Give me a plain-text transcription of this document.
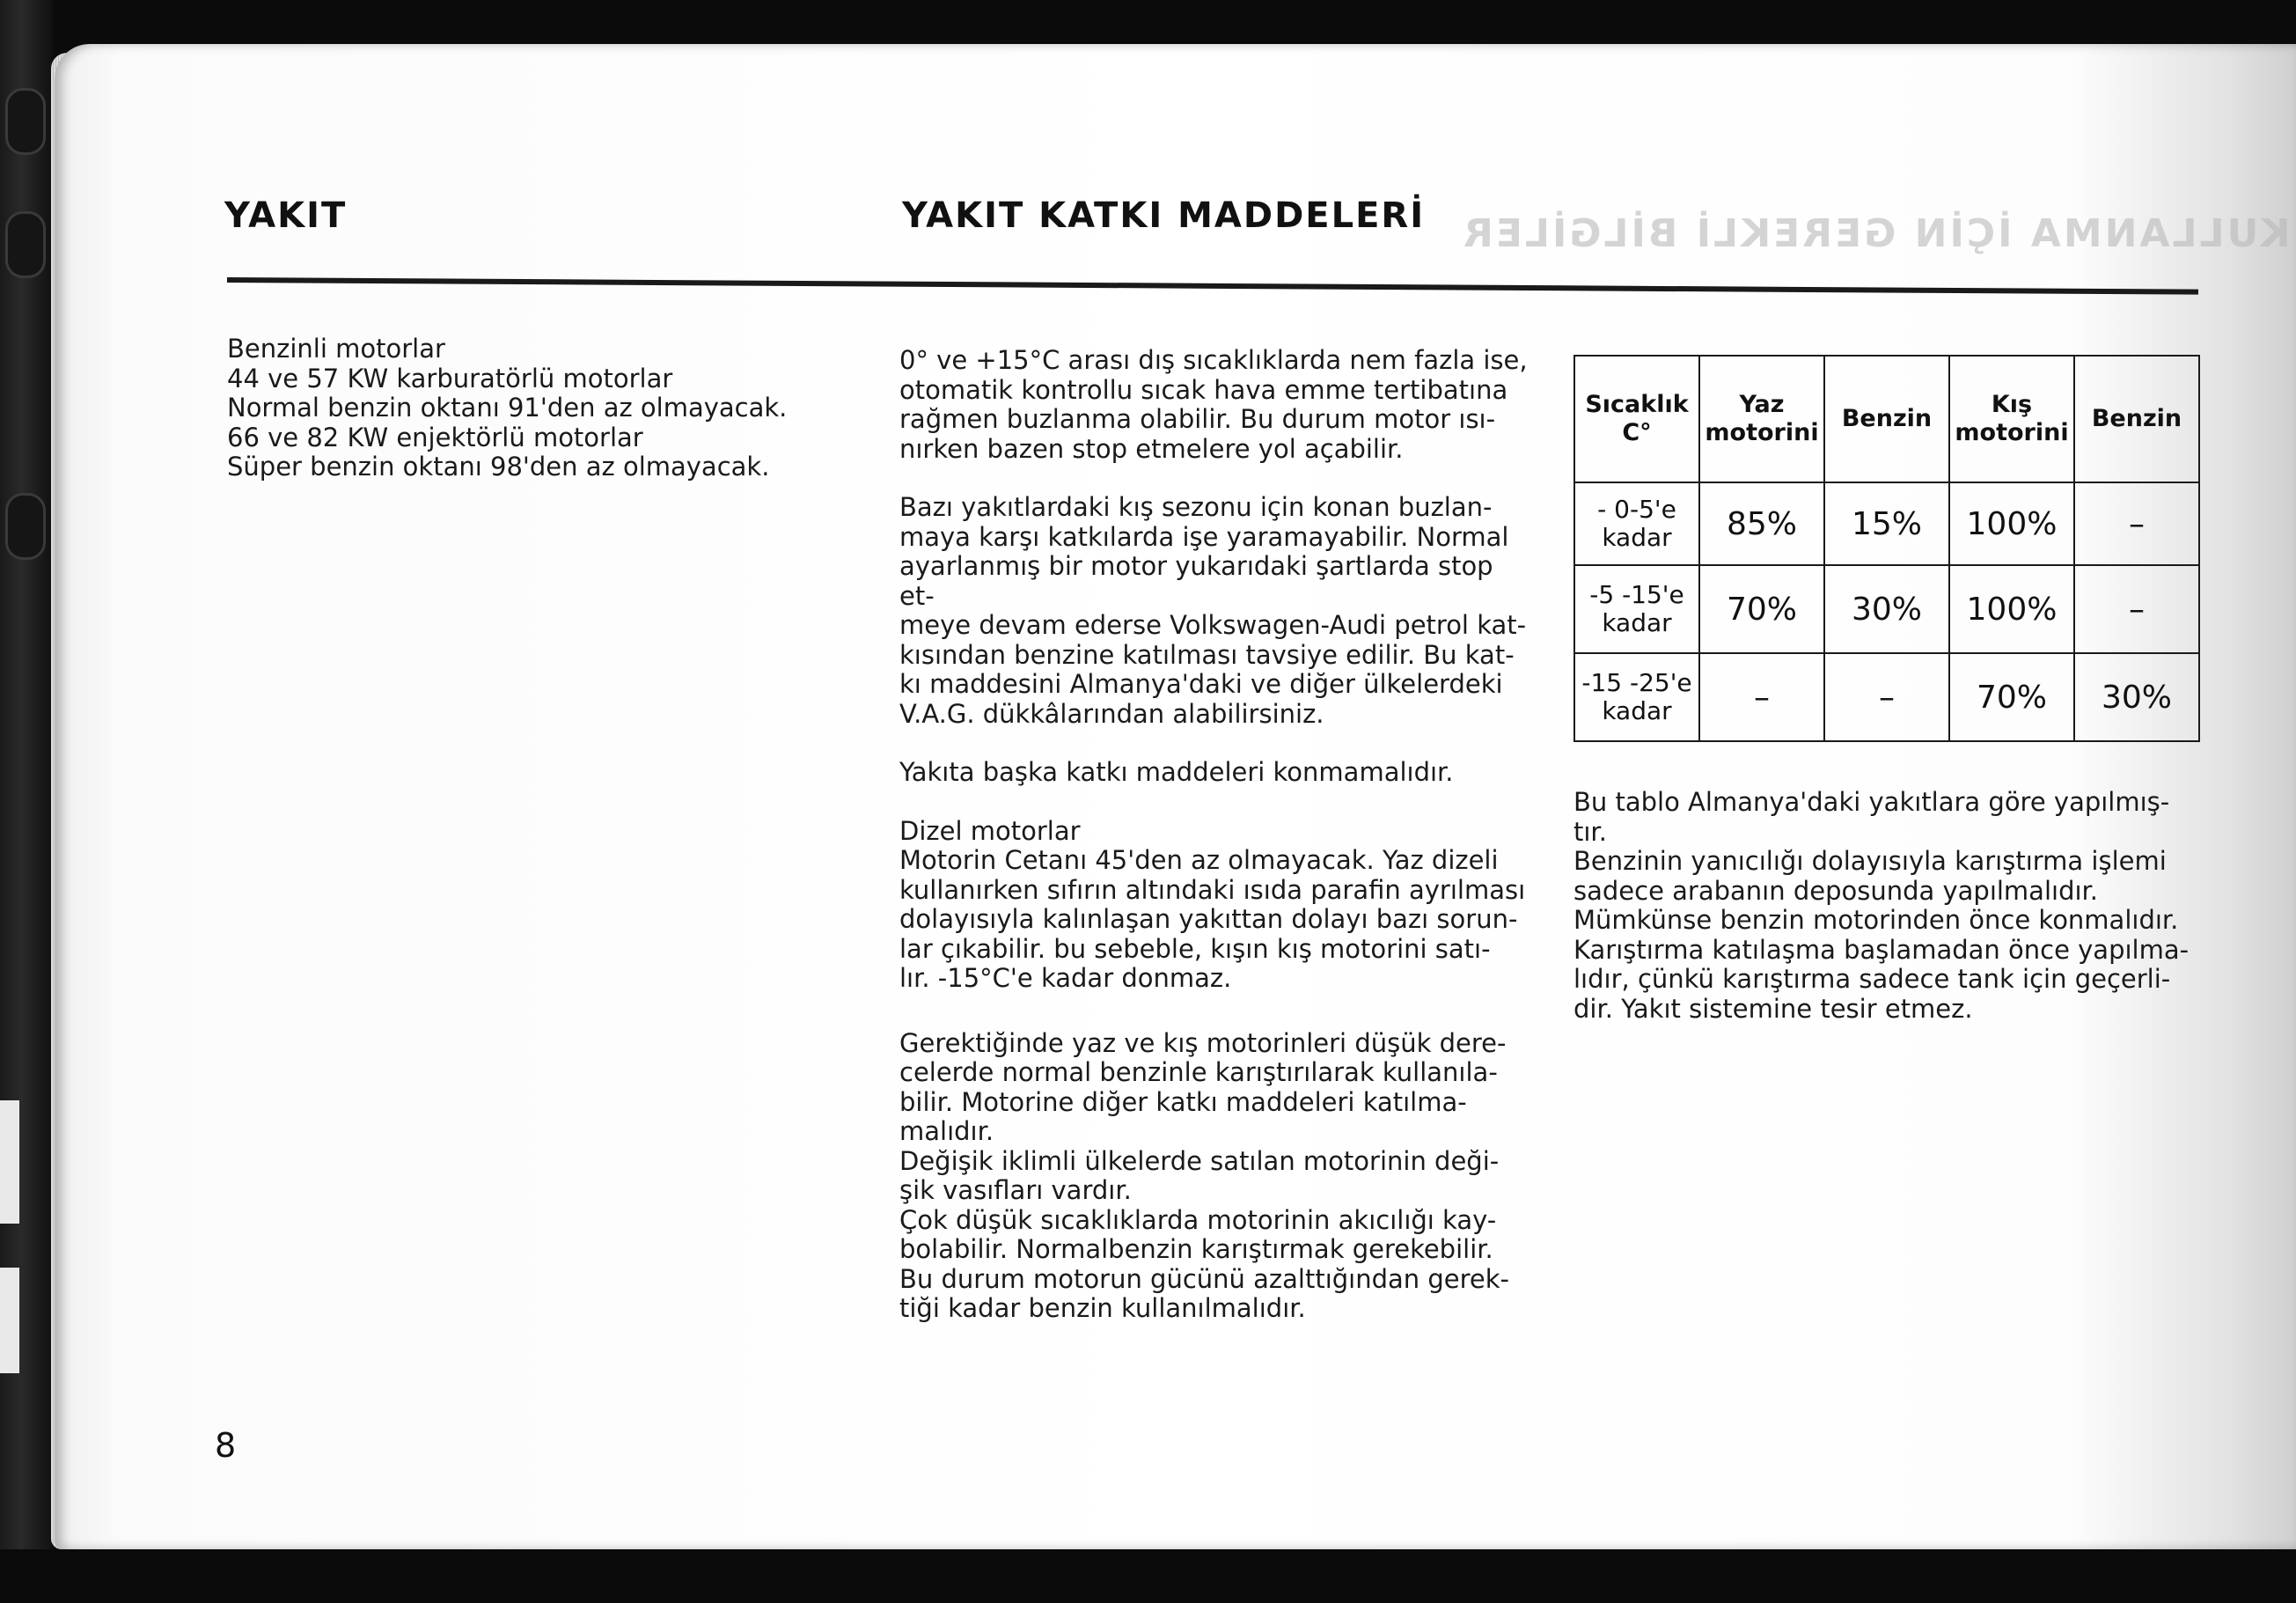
KULLANMA İÇİN GEREKLİ BİLGİLER
YAKIT	YAKIT KATKI MADDELERİ

Benzinli motorlar
44 ve 57 KW karburatörlü motorlar
Normal benzin oktanı 91'den az olmayacak.
66 ve 82 KW enjektörlü motorlar
Süper benzin oktanı 98'den az olmayacak.

0° ve +15°C arası dış sıcaklıklarda nem fazla ise,
otomatik kontrollu sıcak hava emme tertibatına
rağmen buzlanma olabilir. Bu durum motor ısı-
nırken bazen stop etmelere yol açabilir.

Bazı yakıtlardaki kış sezonu için konan buzlan-
maya karşı katkılarda işe yaramayabilir. Normal
ayarlanmış bir motor yukarıdaki şartlarda stop et-
meye devam ederse Volkswagen-Audi petrol kat-
kısından benzine katılması tavsiye edilir. Bu kat-
kı maddesini Almanya'daki ve diğer ülkelerdeki
V.A.G. dükkâlarından alabilirsiniz.

Yakıta başka katkı maddeleri konmamalıdır.

Dizel motorlar
Motorin Cetanı 45'den az olmayacak. Yaz dizeli
kullanırken sıfırın altındaki ısıda parafin ayrılması
dolayısıyla kalınlaşan yakıttan dolayı bazı sorun-
lar çıkabilir. bu sebeble, kışın kış motorini satı-
lır. -15°C'e kadar donmaz.

Gerektiğinde yaz ve kış motorinleri düşük dere-
celerde normal benzinle karıştırılarak kullanıla-
bilir. Motorine diğer katkı maddeleri katılma-
malıdır.
Değişik iklimli ülkelerde satılan motorinin deği-
şik vasıfları vardır.
Çok düşük sıcaklıklarda motorinin akıcılığı kay-
bolabilir. Normalbenzin karıştırmak gerekebilir.
Bu durum motorun gücünü azalttığından gerek-
tiği kadar benzin kullanılmalıdır.

Sıcaklık C°	Yaz motorini	Benzin	Kış motorini	Benzin
- 0-5'e kadar	85%	15%	100%	–
-5 -15'e kadar	70%	30%	100%	–
-15 -25'e kadar	–	–	70%	30%

Bu tablo Almanya'daki yakıtlara göre yapılmış-
tır.
Benzinin yanıcılığı dolayısıyla karıştırma işlemi
sadece arabanın deposunda yapılmalıdır.
Mümkünse benzin motorinden önce konmalıdır.
Karıştırma katılaşma başlamadan önce yapılma-
lıdır, çünkü karıştırma sadece tank için geçerli-
dir. Yakıt sistemine tesir etmez.

8
